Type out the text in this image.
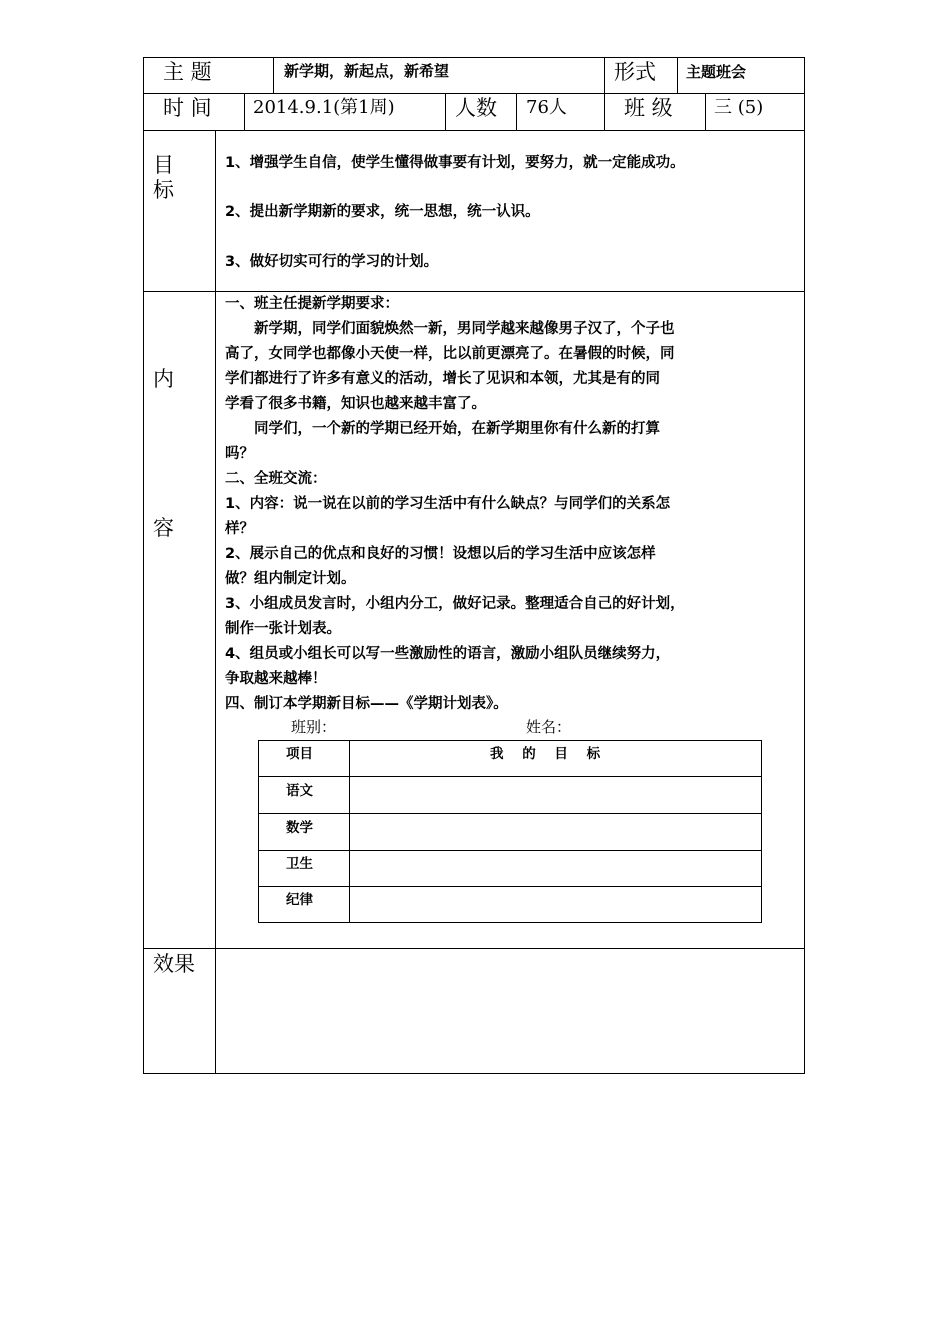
主 题	新学期，新起点，新希望	形式 主题班会
时 间 2014.9.1(第1周)	人数 76人	班 级 三 (5)
目
标
1、增强学生自信，使学生懂得做事要有计划，要努力，就一定能成功。
2、提出新学期新的要求，统一思想，统一认识。
3、做好切实可行的学习的计划。
内
容
一、班主任提新学期要求：
　　新学期，同学们面貌焕然一新，男同学越来越像男子汉了，个子也
高了，女同学也都像小天使一样，比以前更漂亮了。在暑假的时候，同
学们都进行了许多有意义的活动，增长了见识和本领，尤其是有的同
学看了很多书籍，知识也越来越丰富了。
　　同学们，一个新的学期已经开始，在新学期里你有什么新的打算
吗？
二、全班交流：
1、内容：说一说在以前的学习生活中有什么缺点？与同学们的关系怎
样？
2、展示自己的优点和良好的习惯！设想以后的学习生活中应该怎样
做？组内制定计划。
3、小组成员发言时，小组内分工，做好记录。整理适合自己的好计划，
制作一张计划表。
4、组员或小组长可以写一些激励性的语言，激励小组队员继续努力，
争取越来越棒！
四、制订本学期新目标——《学期计划表》。
班别：	姓名：
项目	我 的 目 标
语文
数学
卫生
纪律
效果
